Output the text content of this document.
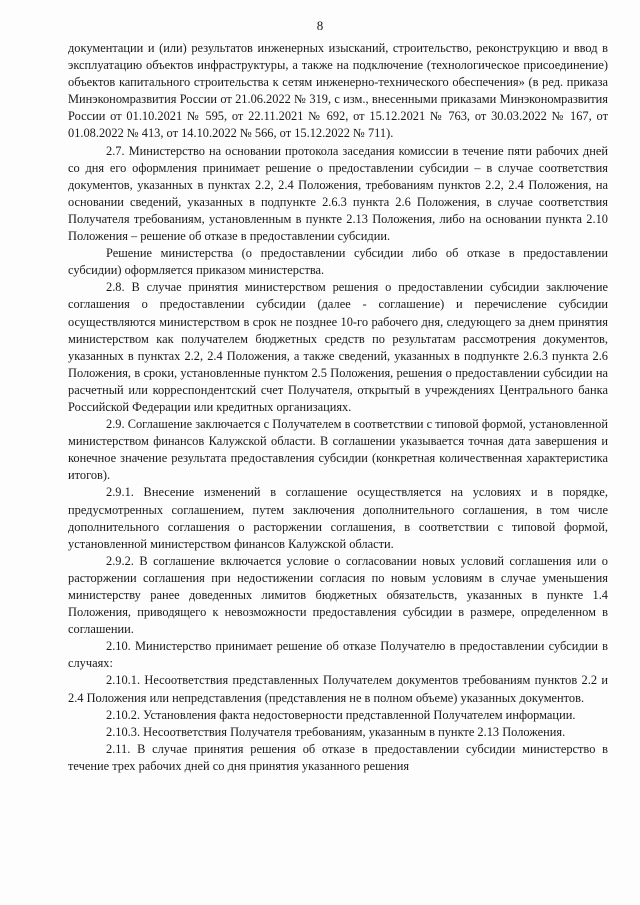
8

документации и (или) результатов инженерных изысканий, строительство, реконструкцию и ввод в эксплуатацию объектов инфраструктуры, а также на подключение (технологическое присоединение) объектов капитального строительства к сетям инженерно-технического обеспечения» (в ред. приказа Минэкономразвития России от 21.06.2022 № 319, с изм., внесенными приказами Минэкономразвития России от 01.10.2021 № 595, от 22.11.2021 № 692, от 15.12.2021 № 763, от 30.03.2022 № 167, от 01.08.2022 № 413, от 14.10.2022 № 566, от 15.12.2022 № 711).

2.7. Министерство на основании протокола заседания комиссии в течение пяти рабочих дней со дня его оформления принимает решение о предоставлении субсидии – в случае соответствия документов, указанных в пунктах 2.2, 2.4 Положения, требованиям пунктов 2.2, 2.4 Положения, на основании сведений, указанных в подпункте 2.6.3 пункта 2.6 Положения, в случае соответствия Получателя требованиям, установленным в пункте 2.13 Положения, либо на основании пункта 2.10 Положения – решение об отказе в предоставлении субсидии.

Решение министерства (о предоставлении субсидии либо об отказе в предоставлении субсидии) оформляется приказом министерства.

2.8. В случае принятия министерством решения о предоставлении субсидии заключение соглашения о предоставлении субсидии (далее - соглашение) и перечисление субсидии осуществляются министерством в срок не позднее 10-го рабочего дня, следующего за днем принятия министерством как получателем бюджетных средств по результатам рассмотрения документов, указанных в пунктах 2.2, 2.4 Положения, а также сведений, указанных в подпункте 2.6.3 пункта 2.6 Положения, в сроки, установленные пунктом 2.5 Положения, решения о предоставлении субсидии на расчетный или корреспондентский счет Получателя, открытый в учреждениях Центрального банка Российской Федерации или кредитных организациях.

2.9. Соглашение заключается с Получателем в соответствии с типовой формой, установленной министерством финансов Калужской области. В соглашении указывается точная дата завершения и конечное значение результата предоставления субсидии (конкретная количественная характеристика итогов).

2.9.1. Внесение изменений в соглашение осуществляется на условиях и в порядке, предусмотренных соглашением, путем заключения дополнительного соглашения, в том числе дополнительного соглашения о расторжении соглашения, в соответствии с типовой формой, установленной министерством финансов Калужской области.

2.9.2. В соглашение включается условие о согласовании новых условий соглашения или о расторжении соглашения при недостижении согласия по новым условиям в случае уменьшения министерству ранее доведенных лимитов бюджетных обязательств, указанных в пункте 1.4 Положения, приводящего к невозможности предоставления субсидии в размере, определенном в соглашении.

2.10. Министерство принимает решение об отказе Получателю в предоставлении субсидии в случаях:

2.10.1. Несоответствия представленных Получателем документов требованиям пунктов 2.2 и 2.4 Положения или непредставления (представления не в полном объеме) указанных документов.

2.10.2. Установления факта недостоверности представленной Получателем информации.

2.10.3. Несоответствия Получателя требованиям, указанным в пункте 2.13 Положения.

2.11. В случае принятия решения об отказе в предоставлении субсидии министерство в течение трех рабочих дней со дня принятия указанного решения
